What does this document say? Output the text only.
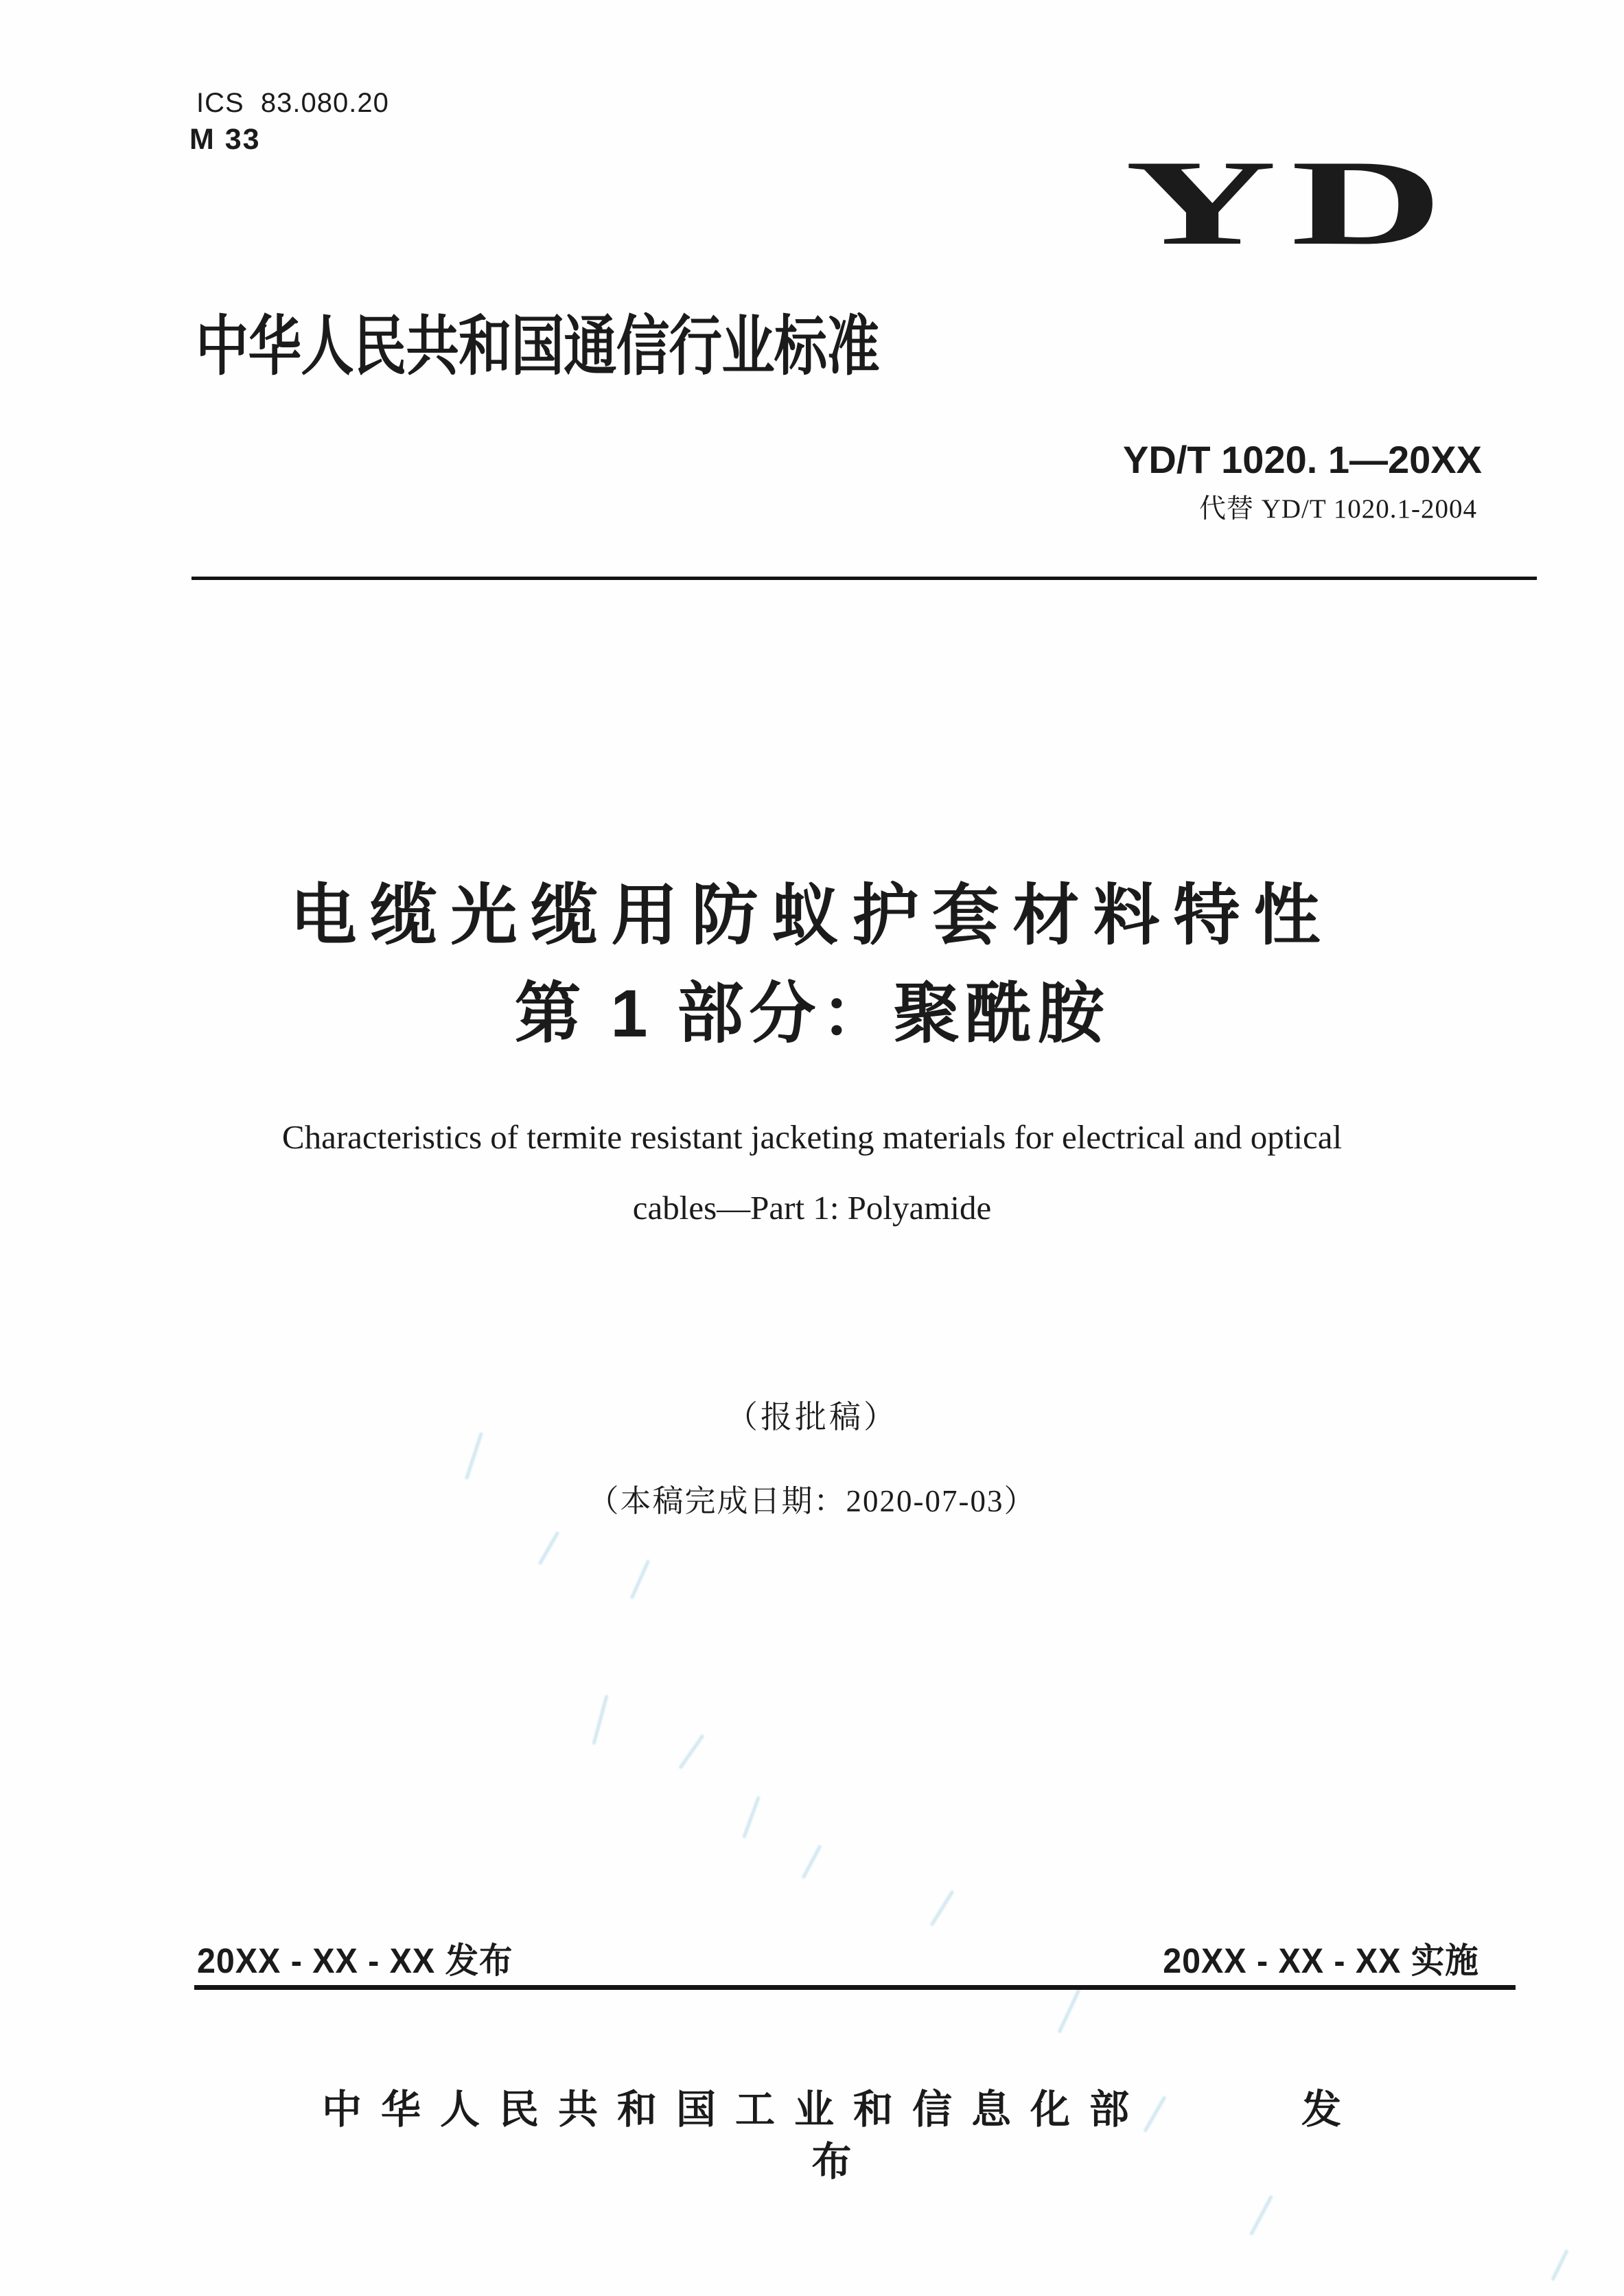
ICS  83.080.20
M 33	YD
中华人民共和国通信行业标准
YD/T 1020. 1—20XX
代替 YD/T 1020.1-2004
电缆光缆用防蚁护套材料特性
第 1 部分：聚酰胺
Characteristics of termite resistant jacketing materials for electrical and optical
cables—Part 1: Polyamide
（报批稿）
（本稿完成日期：2020-07-03）
20XX - XX - XX 发布	20XX - XX - XX 实施
中华人民共和国工业和信息化部	发
布
